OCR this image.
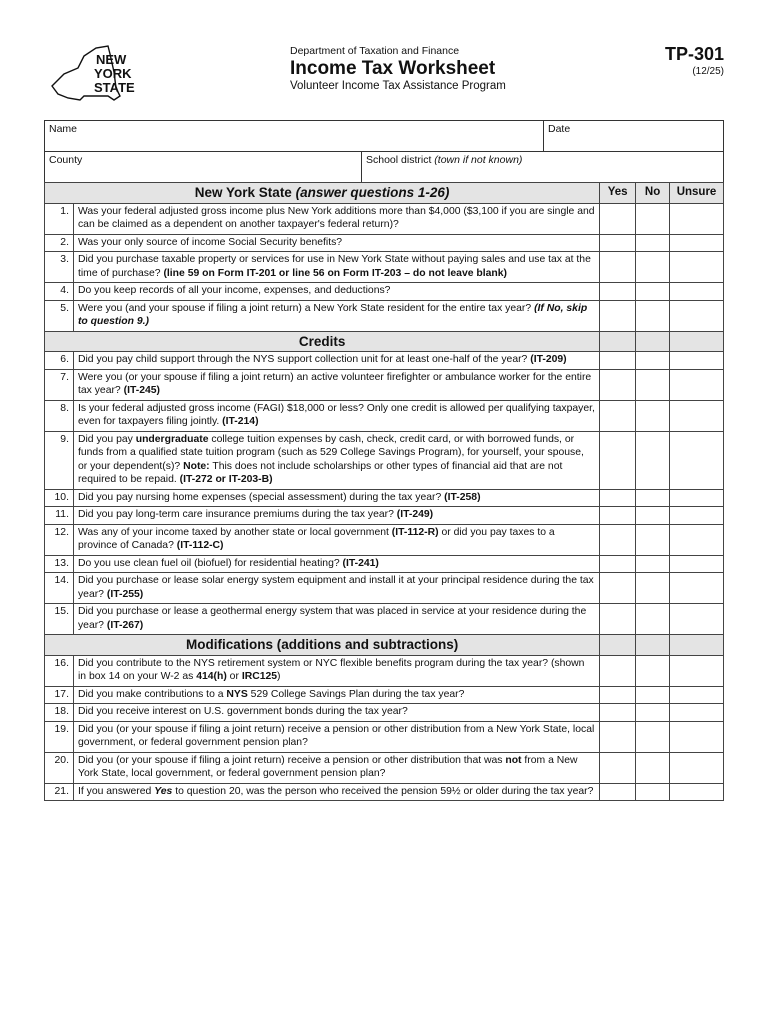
NEW
YORK
STATE
Department of Taxation and Finance
Income Tax Worksheet
Volunteer Income Tax Assistance Program
TP-301
(12/25)
Name	Date
County	School district (town if not known)
New York State (answer questions 1-26)		Yes	No	Unsure
1.	Was your federal adjusted gross income plus New York additions more than $4,000 ($3,100 if you are single and can be claimed as a dependent on another taxpayer's federal return)?			
2.	Was your only source of income Social Security benefits?			
3.	Did you purchase taxable property or services for use in New York State without paying sales and use tax at the time of purchase? (line 59 on Form IT-201 or line 56 on Form IT-203 – do not leave blank)			
4.	Do you keep records of all your income, expenses, and deductions?			
5.	Were you (and your spouse if filing a joint return) a New York State resident for the entire tax year? (If No, skip to question 9.)			
Credits				
6.	Did you pay child support through the NYS support collection unit for at least one-half of the year? (IT-209)			
7.	Were you (or your spouse if filing a joint return) an active volunteer firefighter or ambulance worker for the entire tax year? (IT-245)			
8.	Is your federal adjusted gross income (FAGI) $18,000 or less? Only one credit is allowed per qualifying taxpayer, even for taxpayers filing jointly. (IT-214)			
9.	Did you pay undergraduate college tuition expenses by cash, check, credit card, or with borrowed funds, or funds from a qualified state tuition program (such as 529 College Savings Program), for yourself, your spouse, or your dependent(s)? Note: This does not include scholarships or other types of financial aid that are not required to be repaid. (IT-272 or IT-203-B)			
10.	Did you pay nursing home expenses (special assessment) during the tax year? (IT-258)			
11.	Did you pay long-term care insurance premiums during the tax year? (IT-249)			
12.	Was any of your income taxed by another state or local government (IT-112-R) or did you pay taxes to a province of Canada? (IT-112-C)			
13.	Do you use clean fuel oil (biofuel) for residential heating? (IT-241)			
14.	Did you purchase or lease solar energy system equipment and install it at your principal residence during the tax year? (IT-255)			
15.	Did you purchase or lease a geothermal energy system that was placed in service at your residence during the year? (IT-267)			
Modifications (additions and subtractions)				
16.	Did you contribute to the NYS retirement system or NYC flexible benefits program during the tax year? (shown in box 14 on your W-2 as 414(h) or IRC125)			
17.	Did you make contributions to a NYS 529 College Savings Plan during the tax year?			
18.	Did you receive interest on U.S. government bonds during the tax year?			
19.	Did you (or your spouse if filing a joint return) receive a pension or other distribution from a New York State, local government, or federal government pension plan?			
20.	Did you (or your spouse if filing a joint return) receive a pension or other distribution that was not from a New York State, local government, or federal government pension plan?			
21.	If you answered Yes to question 20, was the person who received the pension 59½ or older during the tax year?			
